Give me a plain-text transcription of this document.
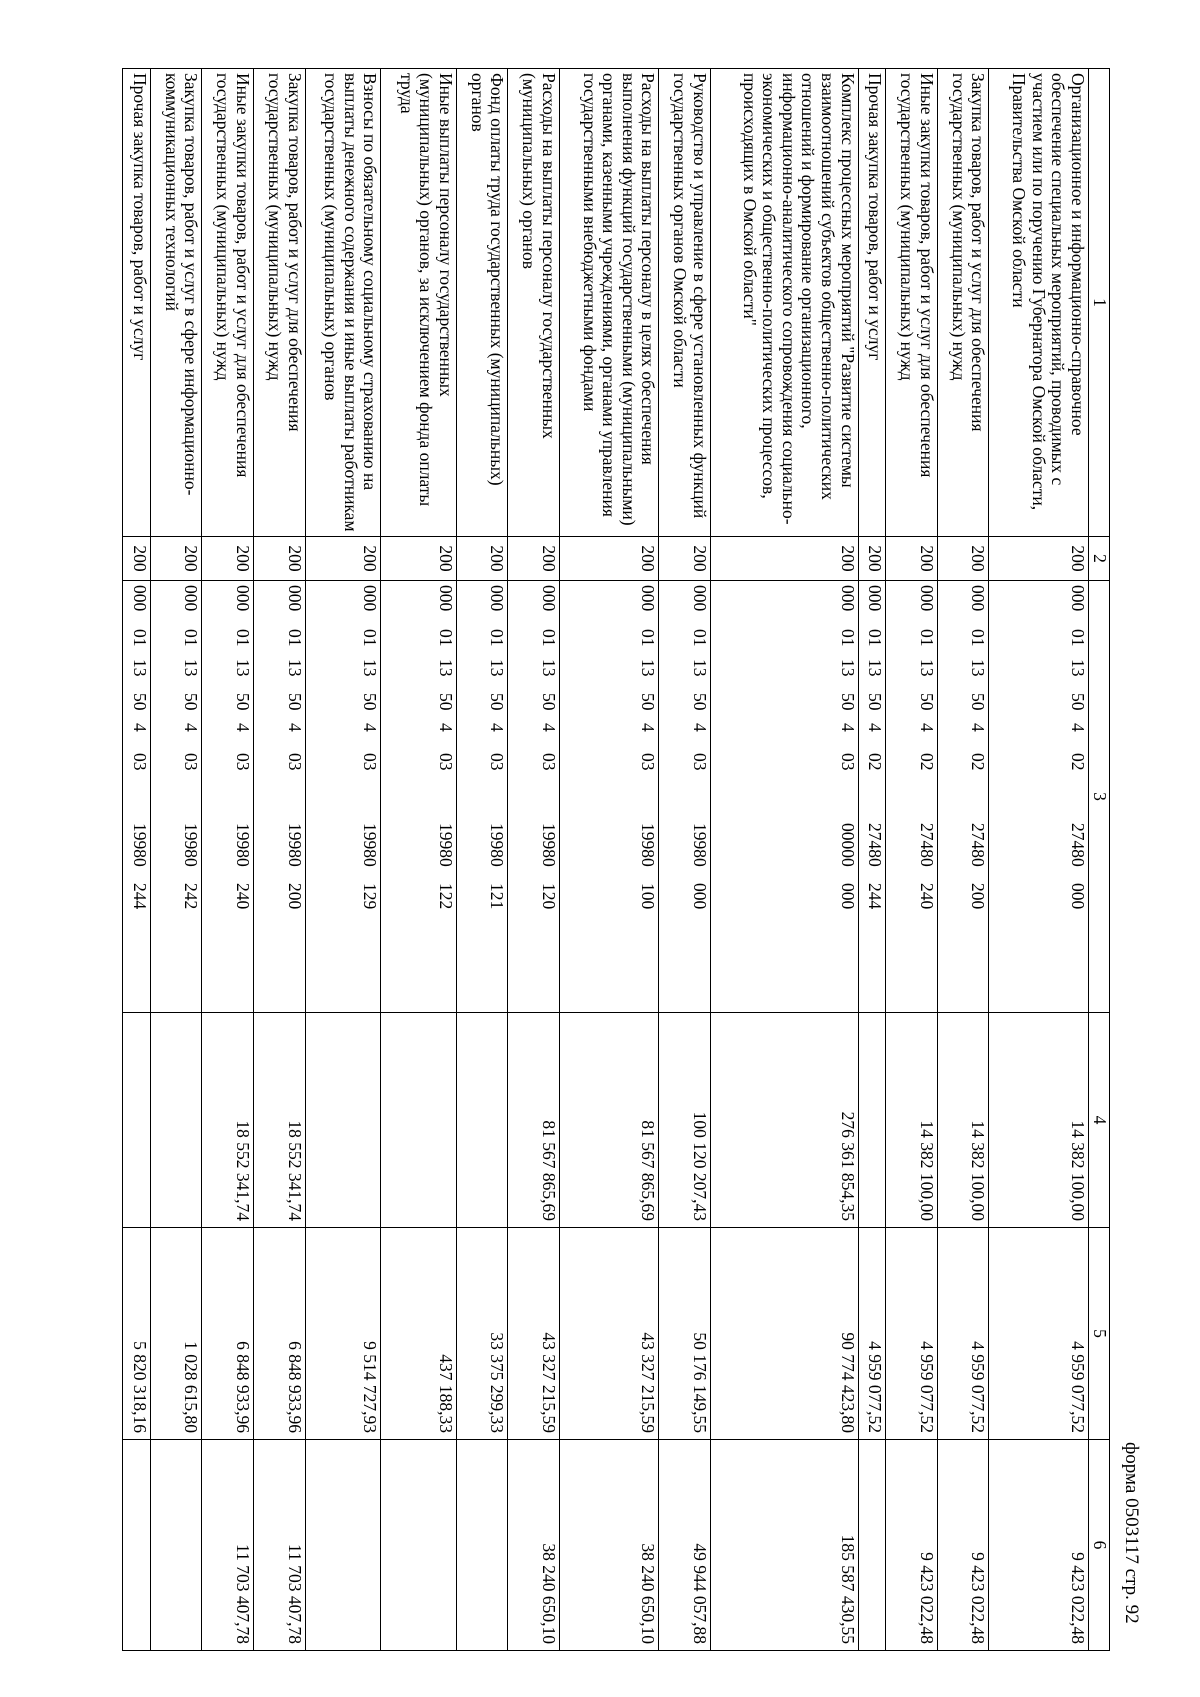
форма 0503117 стр. 92
1	2	3	4	5	6
Организационное и информационно-справочное обеспечение специальных мероприятий, проводимых с участием или по поручению Губернатора Омской области, Правительства Омской области	200	00001135040227480000	14 382 100,00	4 959 077,52	9 423 022,48
Закупка товаров, работ и услуг для обеспечения государственных (муниципальных) нужд	200	00001135040227480200	14 382 100,00	4 959 077,52	9 423 022,48
Иные закупки товаров, работ и услуг для обеспечения государственных (муниципальных) нужд	200	00001135040227480240	14 382 100,00	4 959 077,52	9 423 022,48
Прочая закупка товаров, работ и услуг	200	00001135040227480244		4 959 077,52	
Комплекс процессных мероприятий "Развитие системы взаимоотношений субъектов общественно-политических отношений и формирование организационного, информационно-аналитического сопровождения социально-экономических и общественно-политических процессов, происходящих в Омской области"	200	00001135040300000000	276 361 854,35	90 774 423,80	185 587 430,55
Руководство и управление в сфере установленных функций государственных органов Омской области	200	00001135040319980000	100 120 207,43	50 176 149,55	49 944 057,88
Расходы на выплаты персоналу в целях обеспечения выполнения функций государственными (муниципальными) органами, казенными учреждениями, органами управления государственными внебюджетными фондами	200	00001135040319980100	81 567 865,69	43 327 215,59	38 240 650,10
Расходы на выплаты персоналу государственных (муниципальных) органов	200	00001135040319980120	81 567 865,69	43 327 215,59	38 240 650,10
Фонд оплаты труда государственных (муниципальных) органов	200	00001135040319980121		33 375 299,33	
Иные выплаты персоналу государственных (муниципальных) органов, за исключением фонда оплаты труда	200	00001135040319980122		437 188,33	
Взносы по обязательному социальному страхованию на выплаты денежного содержания и иные выплаты работникам государственных (муниципальных) органов	200	00001135040319980129		9 514 727,93	
Закупка товаров, работ и услуг для обеспечения государственных (муниципальных) нужд	200	00001135040319980200	18 552 341,74	6 848 933,96	11 703 407,78
Иные закупки товаров, работ и услуг для обеспечения государственных (муниципальных) нужд	200	00001135040319980240	18 552 341,74	6 848 933,96	11 703 407,78
Закупка товаров, работ и услуг в сфере информационно-коммуникационных технологий	200	00001135040319980242		1 028 615,80	
Прочая закупка товаров, работ и услуг	200	00001135040319980244		5 820 318,16	
